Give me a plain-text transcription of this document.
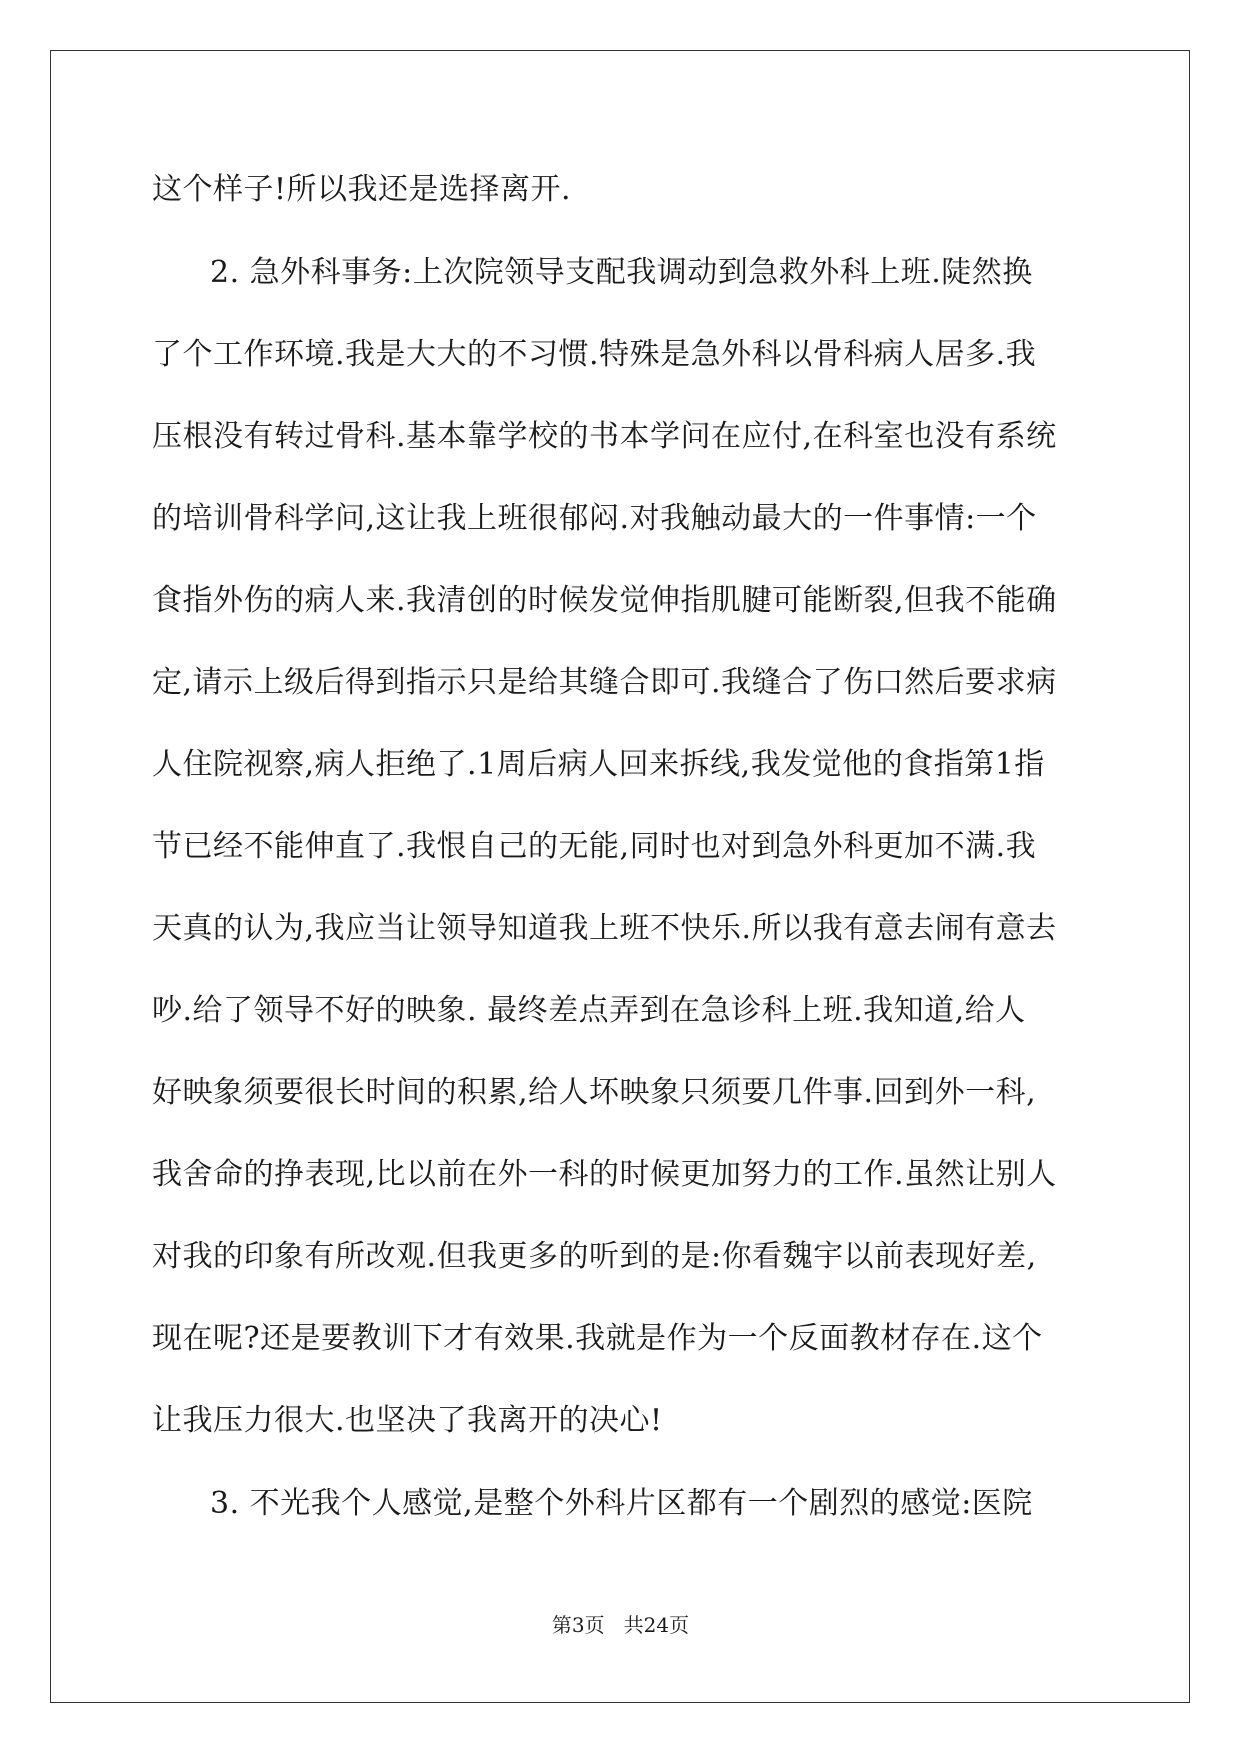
这个样子!所以我还是选择离开.
2. 急外科事务:上次院领导支配我调动到急救外科上班.陡然换
了个工作环境.我是大大的不习惯.特殊是急外科以骨科病人居多.我
压根没有转过骨科.基本靠学校的书本学问在应付,在科室也没有系统
的培训骨科学问,这让我上班很郁闷.对我触动最大的一件事情:一个
食指外伤的病人来.我清创的时候发觉伸指肌腱可能断裂,但我不能确
定,请示上级后得到指示只是给其缝合即可.我缝合了伤口然后要求病
人住院视察,病人拒绝了.1周后病人回来拆线,我发觉他的食指第1指
节已经不能伸直了.我恨自己的无能,同时也对到急外科更加不满.我
天真的认为,我应当让领导知道我上班不快乐.所以我有意去闹有意去
吵.给了领导不好的映象. 最终差点弄到在急诊科上班.我知道,给人
好映象须要很长时间的积累,给人坏映象只须要几件事.回到外一科,
我舍命的挣表现,比以前在外一科的时候更加努力的工作.虽然让别人
对我的印象有所改观.但我更多的听到的是:你看魏宇以前表现好差,
现在呢?还是要教训下才有效果.我就是作为一个反面教材存在.这个
让我压力很大.也坚决了我离开的决心!
3. 不光我个人感觉,是整个外科片区都有一个剧烈的感觉:医院
第3页   共24页
